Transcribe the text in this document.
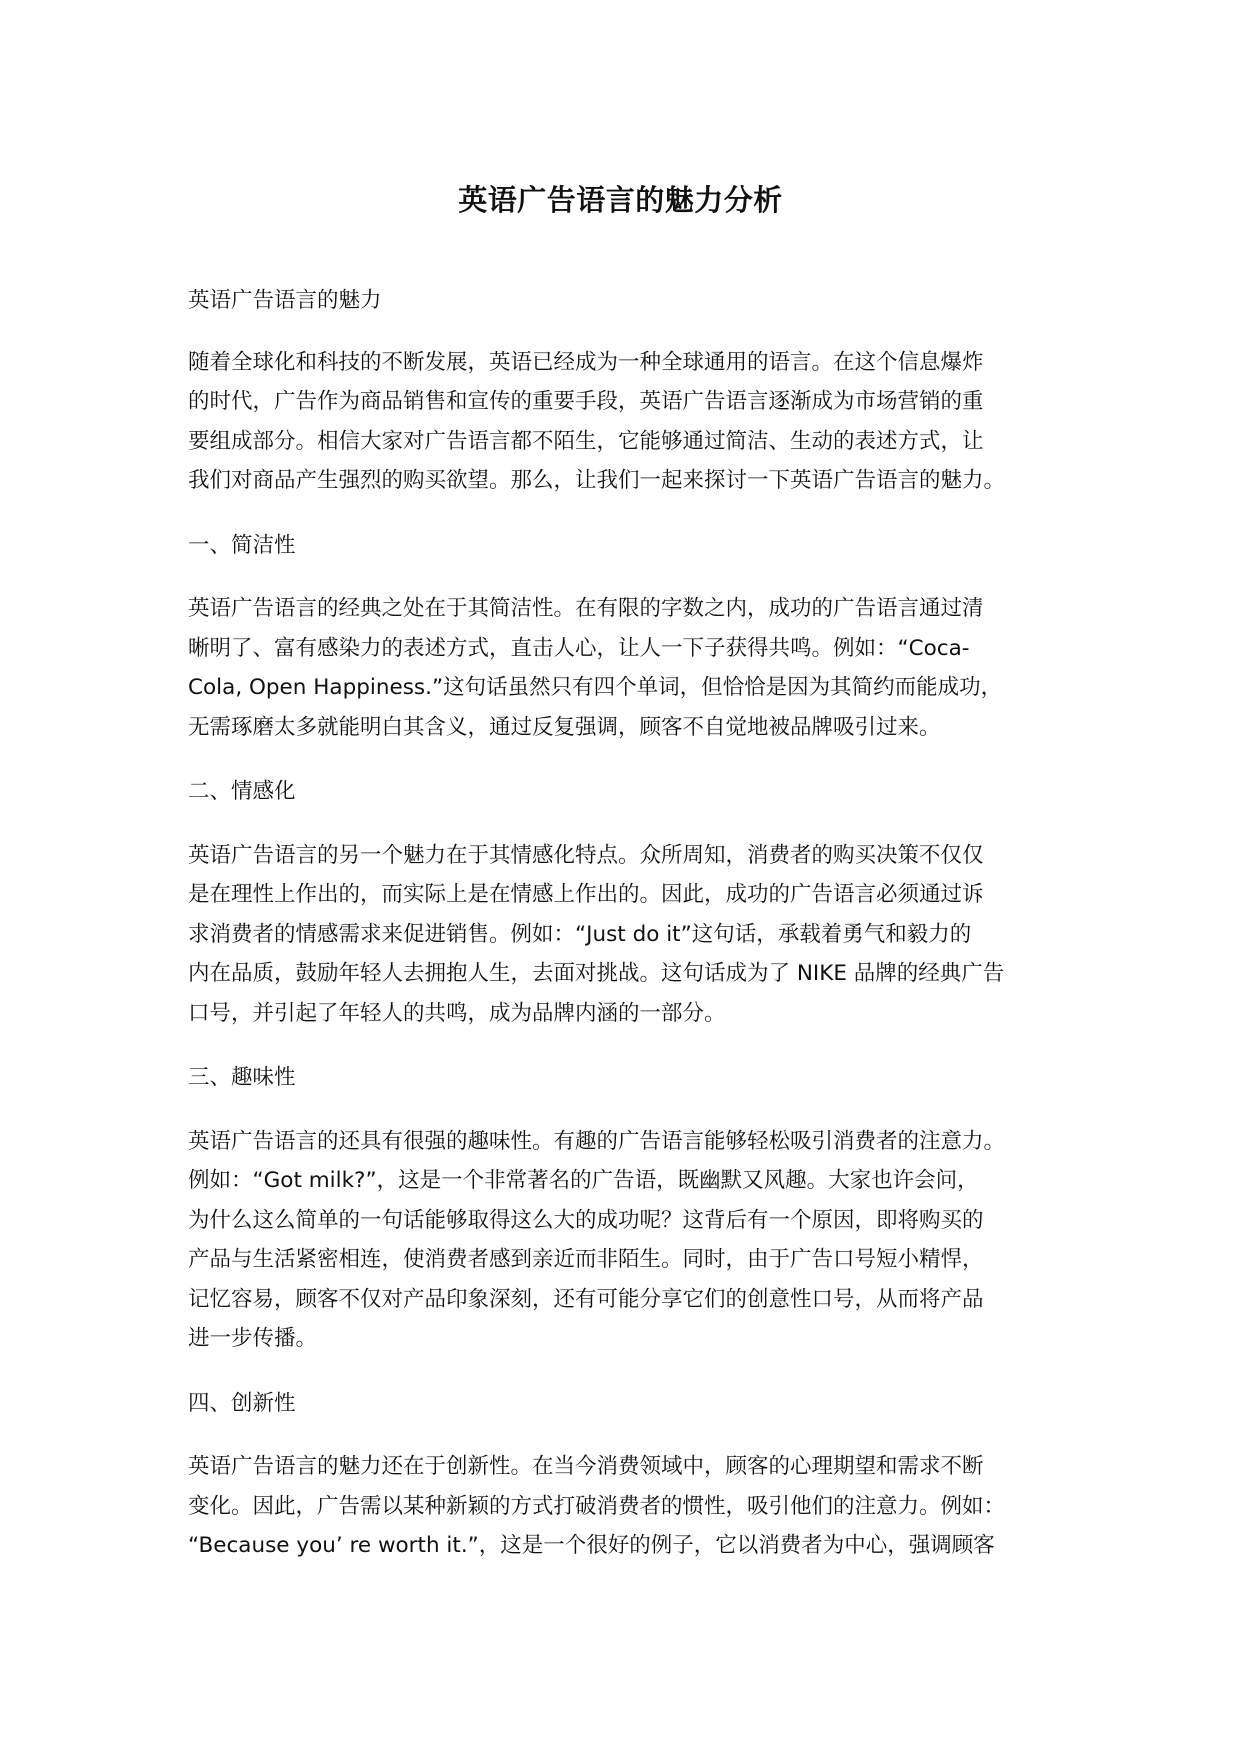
英语广告语言的魅力分析

英语广告语言的魅力

随着全球化和科技的不断发展，英语已经成为一种全球通用的语言。在这个信息爆炸
的时代，广告作为商品销售和宣传的重要手段，英语广告语言逐渐成为市场营销的重
要组成部分。相信大家对广告语言都不陌生，它能够通过简洁、生动的表述方式，让
我们对商品产生强烈的购买欲望。那么，让我们一起来探讨一下英语广告语言的魅力。

一、简洁性

英语广告语言的经典之处在于其简洁性。在有限的字数之内，成功的广告语言通过清
晰明了、富有感染力的表述方式，直击人心，让人一下子获得共鸣。例如：“Coca-
Cola, Open Happiness.”这句话虽然只有四个单词，但恰恰是因为其简约而能成功，
无需琢磨太多就能明白其含义，通过反复强调，顾客不自觉地被品牌吸引过来。

二、情感化

英语广告语言的另一个魅力在于其情感化特点。众所周知，消费者的购买决策不仅仅
是在理性上作出的，而实际上是在情感上作出的。因此，成功的广告语言必须通过诉
求消费者的情感需求来促进销售。例如：“Just do it”这句话，承载着勇气和毅力的
内在品质，鼓励年轻人去拥抱人生，去面对挑战。这句话成为了 NIKE 品牌的经典广告
口号，并引起了年轻人的共鸣，成为品牌内涵的一部分。

三、趣味性

英语广告语言的还具有很强的趣味性。有趣的广告语言能够轻松吸引消费者的注意力。
例如：“Got milk?”，这是一个非常著名的广告语，既幽默又风趣。大家也许会问，
为什么这么简单的一句话能够取得这么大的成功呢？这背后有一个原因，即将购买的
产品与生活紧密相连，使消费者感到亲近而非陌生。同时，由于广告口号短小精悍，
记忆容易，顾客不仅对产品印象深刻，还有可能分享它们的创意性口号，从而将产品
进一步传播。

四、创新性

英语广告语言的魅力还在于创新性。在当今消费领域中，顾客的心理期望和需求不断
变化。因此，广告需以某种新颖的方式打破消费者的惯性，吸引他们的注意力。例如：
“Because you’ re worth it.”，这是一个很好的例子，它以消费者为中心，强调顾客
